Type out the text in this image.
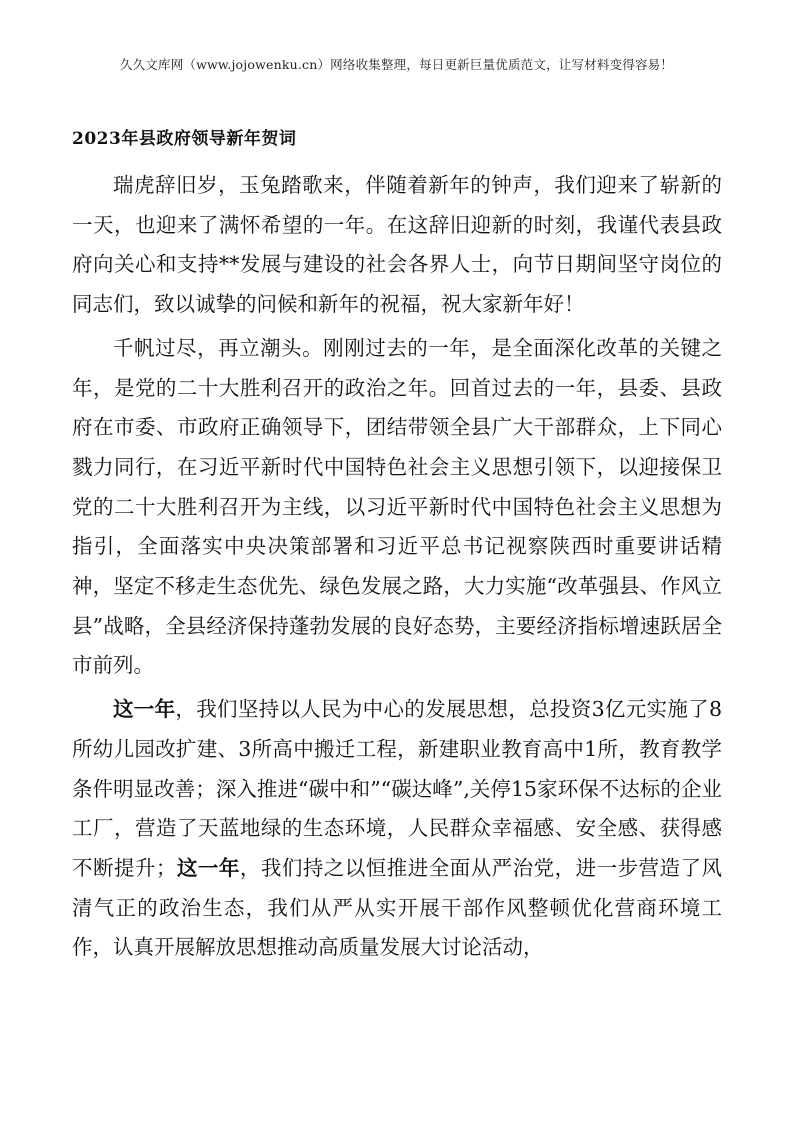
久久文库网（www.jojowenku.cn）网络收集整理，每日更新巨量优质范文，让写材料变得容易！
2023年县政府领导新年贺词

瑞虎辞旧岁，玉兔踏歌来，伴随着新年的钟声，我们迎来了崭新的一天，也迎来了满怀希望的一年。在这辞旧迎新的时刻，我谨代表县政府向关心和支持**发展与建设的社会各界人士，向节日期间坚守岗位的同志们，致以诚挚的问候和新年的祝福，祝大家新年好！

千帆过尽，再立潮头。刚刚过去的一年，是全面深化改革的关键之年，是党的二十大胜利召开的政治之年。回首过去的一年，县委、县政府在市委、市政府正确领导下，团结带领全县广大干部群众，上下同心戮力同行，在习近平新时代中国特色社会主义思想引领下，以迎接保卫党的二十大胜利召开为主线，以习近平新时代中国特色社会主义思想为指引，全面落实中央决策部署和习近平总书记视察陕西时重要讲话精神，坚定不移走生态优先、绿色发展之路，大力实施“改革强县、作风立县”战略，全县经济保持蓬勃发展的良好态势，主要经济指标增速跃居全市前列。

这一年，我们坚持以人民为中心的发展思想，总投资3亿元实施了8所幼儿园改扩建、3所高中搬迁工程，新建职业教育高中1所，教育教学条件明显改善；深入推进“碳中和”“碳达峰”,关停15家环保不达标的企业工厂，营造了天蓝地绿的生态环境，人民群众幸福感、安全感、获得感不断提升；这一年，我们持之以恒推进全面从严治党，进一步营造了风清气正的政治生态，我们从严从实开展干部作风整顿优化营商环境工作，认真开展解放思想推动高质量发展大讨论活动，
